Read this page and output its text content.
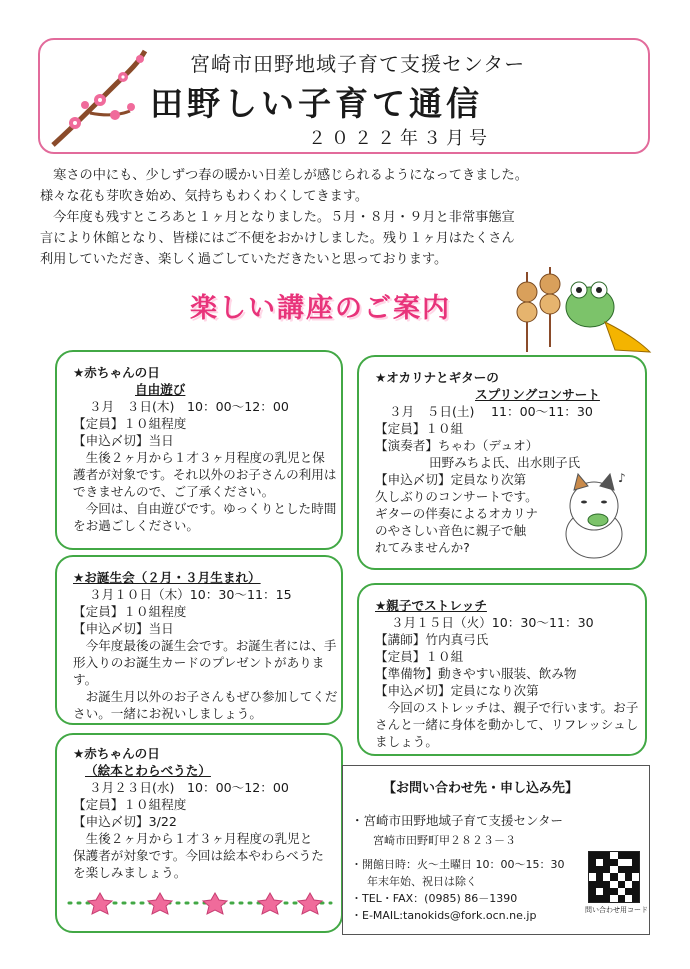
宮崎市田野地域子育て支援センター
田野しい子育て通信
２０２２年３月号

　寒さの中にも、少しずつ春の暖かい日差しが感じられるようになってきました。

様々な花も芽吹き始め、気持ちもわくわくしてきます。

　今年度も残すところあと１ヶ月となりました。５月・８月・９月と非常事態宣

言により休館となり、皆様にはご不便をおかけしました。残り１ヶ月はたくさん

利用していただき、楽しく過ごしていただきたいと思っております。

楽しい講座のご案内

★赤ちゃんの日

自由遊び

３月　３日(木)　10：00～12：00

【定員】１０組程度

【申込〆切】当日

　生後２ヶ月から１才３ヶ月程度の乳児と保

護者が対象です。それ以外のお子さんの利用は

できませんので、ご了承ください。

　今回は、自由遊びです。ゆっくりとした時間

をお過ごしください。

★オカリナとギターの

スプリングコンサート

３月　５日(土)　 11：00～11：30

【定員】１０組

【演奏者】ちゃわ（デュオ）

田野みちよ氏、出水則子氏

【申込〆切】定員なり次第

久しぶりのコンサートです。

ギターの伴奏によるオカリナ

のやさしい音色に親子で触

れてみませんか?

♪

★お誕生会（２月・３月生まれ）

３月１０日（木）10：30～11：15

【定員】１０組程度

【申込〆切】当日

　今年度最後の誕生会です。お誕生者には、手

形入りのお誕生カードのプレゼントがありま

す。

　お誕生月以外のお子さんもぜひ参加してくだ

さい。一緒にお祝いしましょう。

★親子でストレッチ

３月１５日（火）10：30～11：30

【講師】竹内真弓氏

【定員】１０組

【準備物】動きやすい服装、飲み物

【申込〆切】定員になり次第

　今回のストレッチは、親子で行います。お子

さんと一緒に身体を動かして、リフレッシュし

ましょう。

★赤ちゃんの日

（絵本とわらべうた）

３月２３日(水)　10：00～12：00

【定員】１０組程度

【申込〆切】3/22

　生後２ヶ月から１才３ヶ月程度の乳児と

保護者が対象です。今回は絵本やわらべうた

を楽しみましょう。

【お問い合わせ先・申し込み先】

・宮崎市田野地域子育て支援センター

宮崎市田野町甲２８２３－３

・開館日時：火～土曜日 10：00～15：30

年末年始、祝日は除く

・TEL・FAX：(0985) 86－1390

・E-MAIL:tanokids@fork.ocn.ne.jp	問い合わせ用コード
